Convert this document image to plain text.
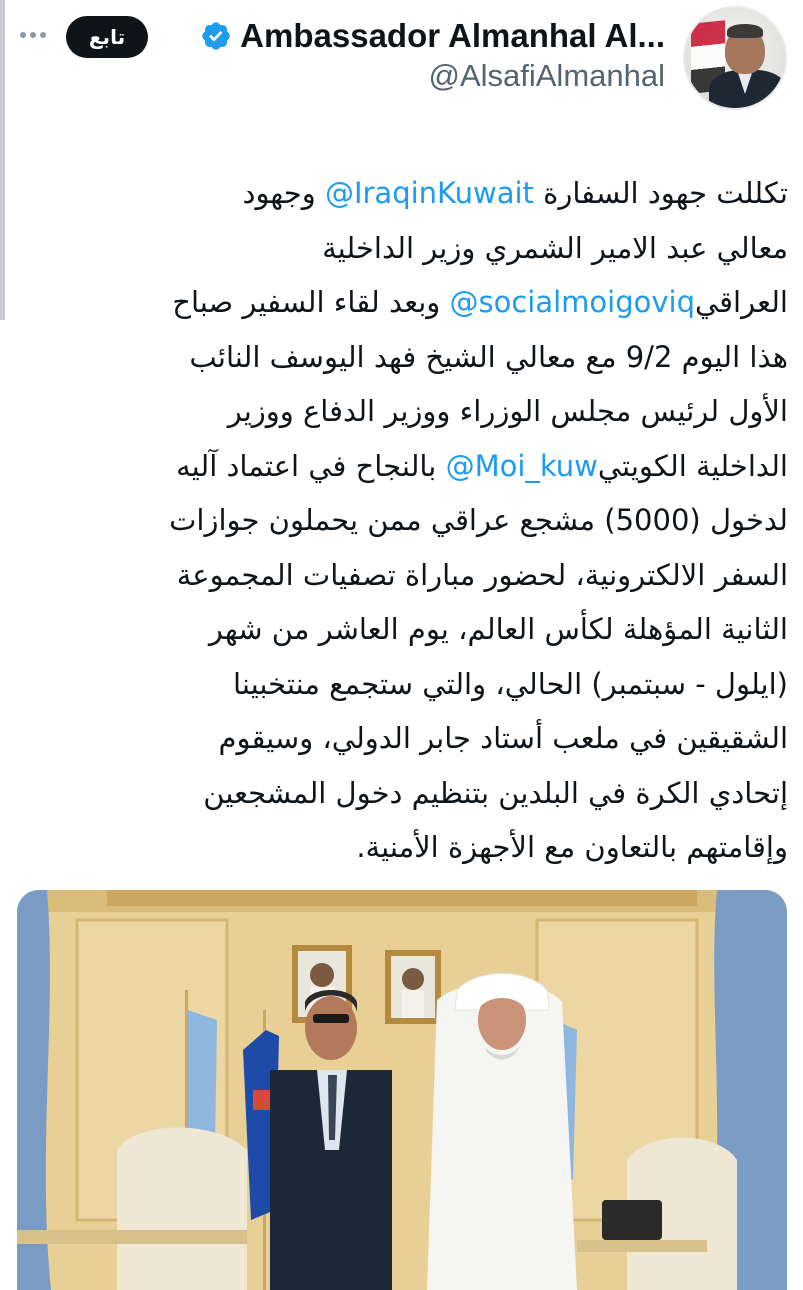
تابع	Ambassador Almanhal Al...
@AlsafiAlmanhal
تكللت جهود السفارة @IraqinKuwait وجهود
معالي عبد الامير الشمري وزير الداخلية
العراقي@socialmoigoviq وبعد لقاء السفير صباح
هذا اليوم 9/2 مع معالي الشيخ فهد اليوسف النائب
الأول لرئيس مجلس الوزراء ووزير الدفاع ووزير
الداخلية الكويتي@Moi_kuw بالنجاح في اعتماد آليه
لدخول (5000) مشجع عراقي ممن يحملون جوازات
السفر الالكترونية، لحضور مباراة تصفيات المجموعة
الثانية المؤهلة لكأس العالم، يوم العاشر من شهر
(ايلول - سبتمبر) الحالي، والتي ستجمع منتخبينا
الشقيقين في ملعب أستاد جابر الدولي، وسيقوم
إتحادي الكرة في البلدين بتنظيم دخول المشجعين
وإقامتهم بالتعاون مع الأجهزة الأمنية.
